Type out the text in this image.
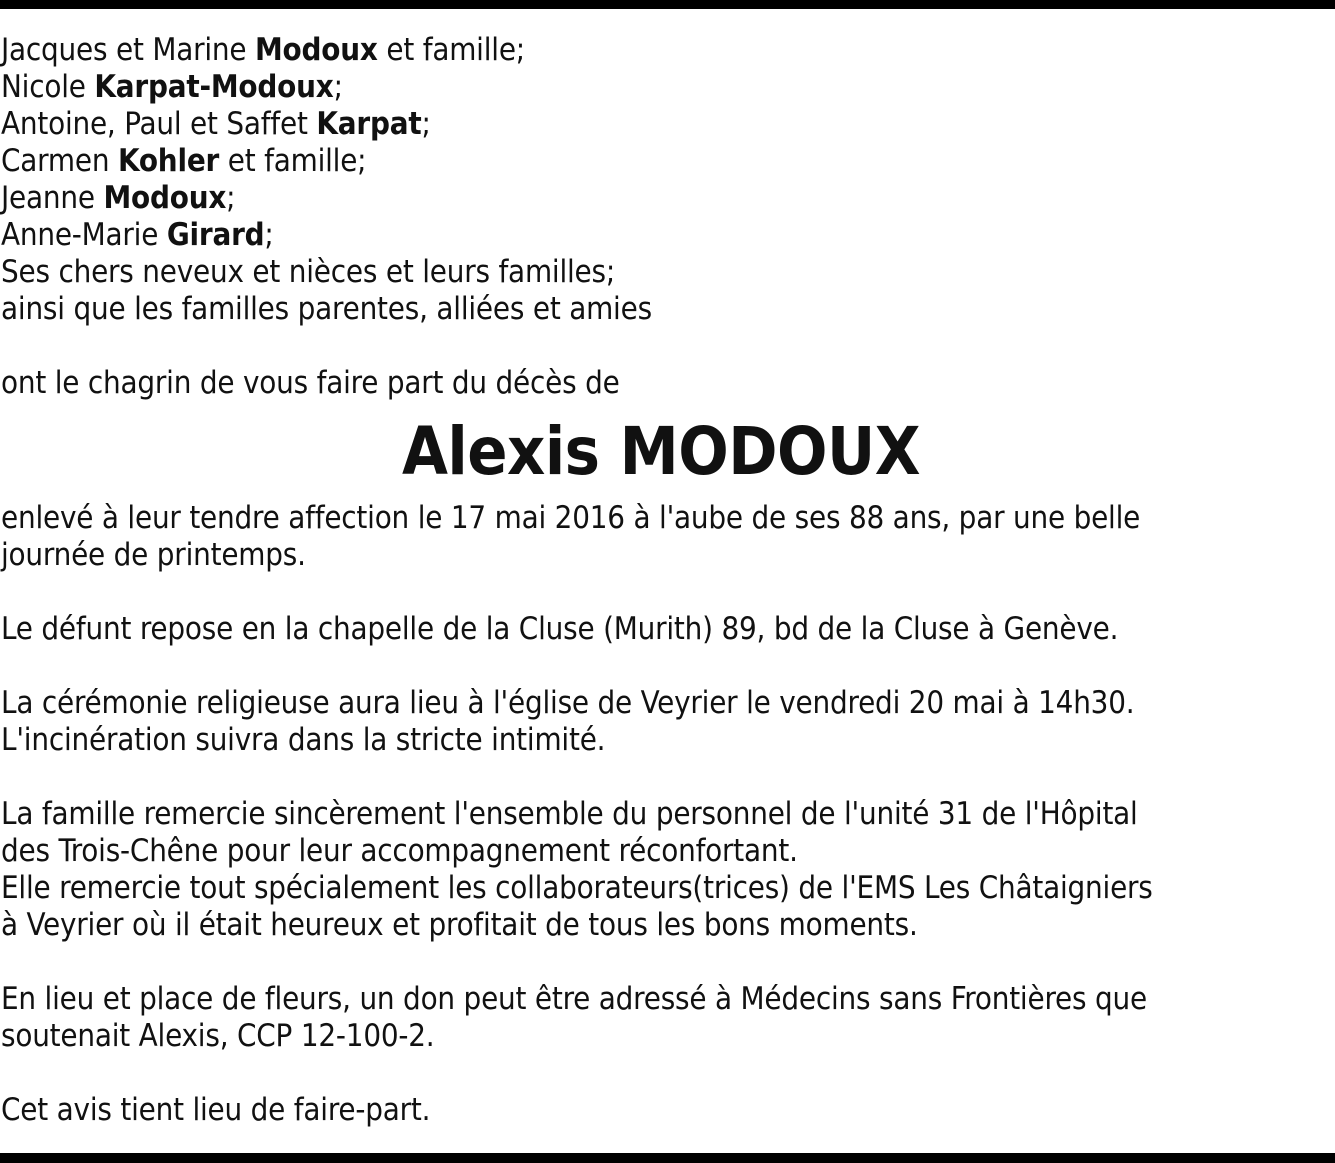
Jacques et Marine Modoux et famille;
Nicole Karpat-Modoux;
Antoine, Paul et Saffet Karpat;
Carmen Kohler et famille;
Jeanne Modoux;
Anne-Marie Girard;
Ses chers neveux et nièces et leurs familles;
ainsi que les familles parentes, alliées et amies
ont le chagrin de vous faire part du décès de
Alexis MODOUX
enlevé à leur tendre affection le 17 mai 2016 à l'aube de ses 88 ans, par une belle
journée de printemps.
Le défunt repose en la chapelle de la Cluse (Murith) 89, bd de la Cluse à Genève.
La cérémonie religieuse aura lieu à l'église de Veyrier le vendredi 20 mai à 14h30.
L'incinération suivra dans la stricte intimité.
La famille remercie sincèrement l'ensemble du personnel de l'unité 31 de l'Hôpital
des Trois-Chêne pour leur accompagnement réconfortant.
Elle remercie tout spécialement les collaborateurs(trices) de l'EMS Les Châtaigniers
à Veyrier où il était heureux et profitait de tous les bons moments.
En lieu et place de fleurs, un don peut être adressé à Médecins sans Frontières que
soutenait Alexis, CCP 12-100-2.
Cet avis tient lieu de faire-part.
